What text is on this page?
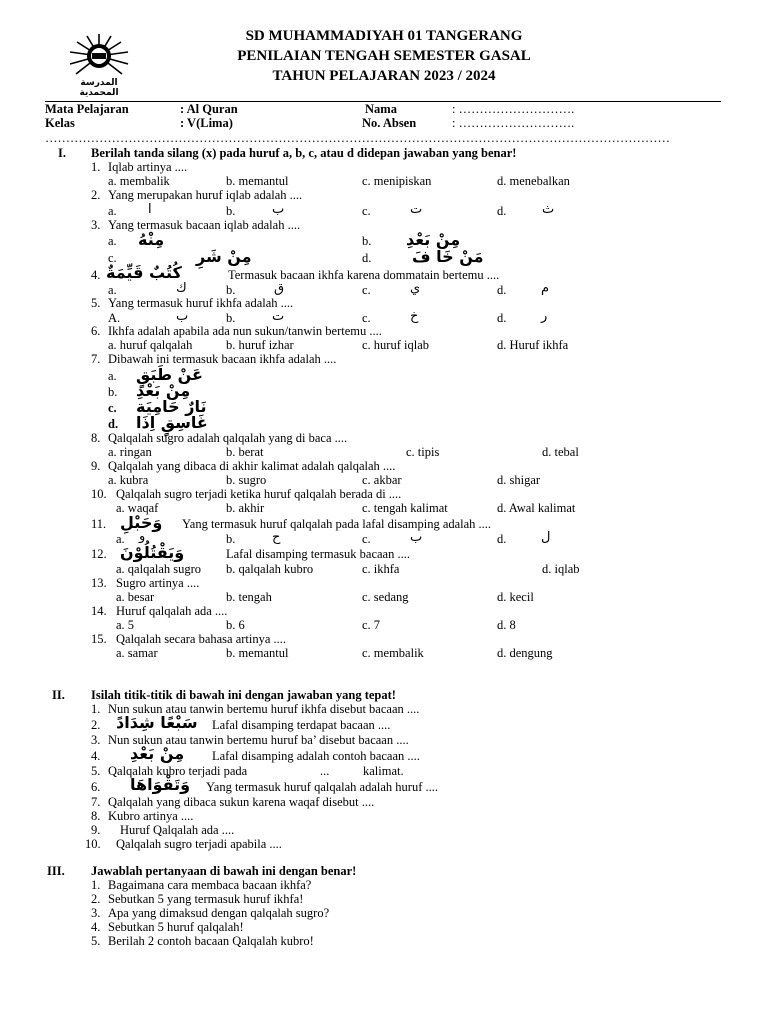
المدرسة المحمدية
SD MUHAMMADIYAH 01 TANGERANG
PENILAIAN TENGAH SEMESTER GASAL
TAHUN PELAJARAN 2023 / 2024
Mata Pelajaran	: Al Quran	Nama	: ……………………….
Kelas	: V(Lima)	No. Absen	: ……………………….
……………………………………………………………………………………………………………………………………
I. Berilah tanda silang (x) pada huruf a, b, c, atau d didepan jawaban yang benar!
1. Iqlab artinya ....
a. membalik	b. memantul	c. menipiskan	d. menebalkan
2. Yang merupakan huruf iqlab adalah ....
a. ا	b.	ب	c.	ت	d.	ث
3. Yang termasuk bacaan iqlab adalah ....
a. مِنْهُ	b. مِنْ بَعْدِ
c.	مِنْ شَرِ	d.	مَنْ خَا فَ
4. كُتُبٌ قَيِّمَةٌ	Termasuk bacaan ikhfa karena dommatain bertemu ....
a.	ك	b.	ق	c.	ي	d.	م
5. Yang termasuk huruf ikhfa adalah ....
A.	ب	b.	ت	c.	خ	d.	ر
6. Ikhfa adalah apabila ada nun sukun/tanwin bertemu ....
a. huruf qalqalah	b. huruf izhar	c. huruf iqlab	d. Huruf ikhfa
7. Dibawah ini termasuk bacaan ikhfa adalah ....
a. عَنْ طَبَقٍ
b. مِنْ بَعْدِ
c. نَارٌ حَامِيَة
d. غَاسِقٍ اِذَا
8. Qalqalah sugro adalah qalqalah yang di baca ....
a. ringan	b. berat	c. tipis	d. tebal
9. Qalqalah yang dibaca di akhir kalimat adalah qalqalah ....
a. kubra	b. sugro	c. akbar	d. shigar
10. Qalqalah sugro terjadi ketika huruf qalqalah berada di ....
a. waqaf	b. akhir	c. tengah kalimat	d. Awal kalimat
11. وَحَبْلِ Yang termasuk huruf qalqalah pada lafal disamping adalah ....
a. و	b.	ح	c.	ب	d.	ل
12. وَيَقْتُلُوْنَ	Lafal disamping termasuk bacaan ....
a. qalqalah sugro b. qalqalah kubro	c. ikhfa	d. iqlab
13. Sugro artinya ....
a. besar	b. tengah	c. sedang	d. kecil
14. Huruf qalqalah ada ....
a. 5	b. 6	c. 7	d. 8
15. Qalqalah secara bahasa artinya ....
a. samar	b. memantul	c. membalik	d. dengung
II. Isilah titik-titik di bawah ini dengan jawaban yang tepat!
1. Nun sukun atau tanwin bertemu huruf ikhfa disebut bacaan ....
2. سَبْعًا شِدَادً Lafal disamping terdapat bacaan ....
3. Nun sukun atau tanwin bertemu huruf ba’ disebut bacaan ....
4. مِنْ بَعْدِ Lafal disamping adalah contoh bacaan ....
5. Qalqalah kubro terjadi pada	...	kalimat.
6. وَتَقْوَاهَا Yang termasuk huruf qalqalah adalah huruf ....
7. Qalqalah yang dibaca sukun karena waqaf disebut ....
8. Kubro artinya ....
9. Huruf Qalqalah ada ....
10. Qalqalah sugro terjadi apabila ....
III. Jawablah pertanyaan di bawah ini dengan benar!
1. Bagaimana cara membaca bacaan ikhfa?
2. Sebutkan 5 yang termasuk huruf ikhfa!
3. Apa yang dimaksud dengan qalqalah sugro?
4. Sebutkan 5 huruf qalqalah!
5. Berilah 2 contoh bacaan Qalqalah kubro!
